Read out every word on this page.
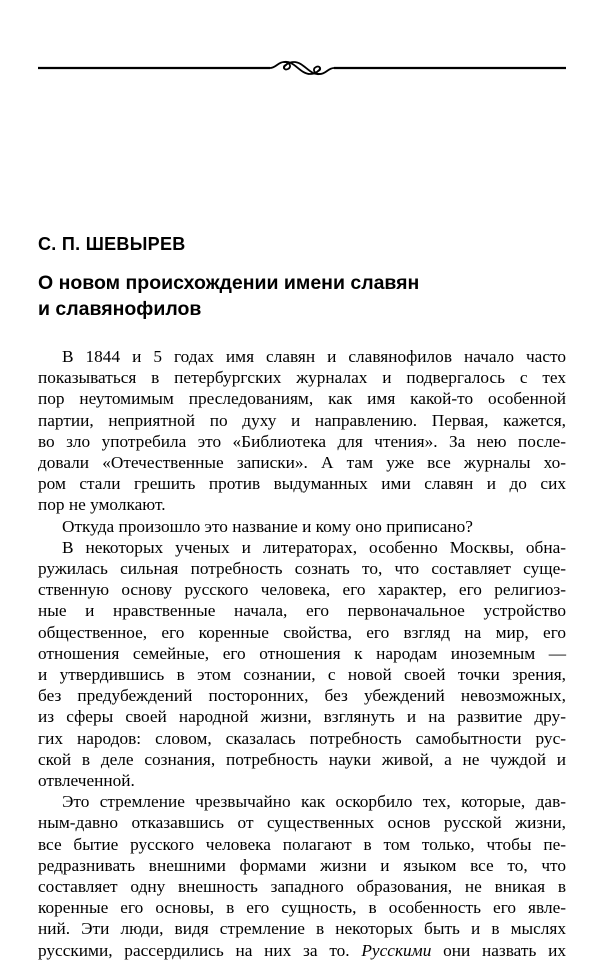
С. П. ШЕВЫРЕВ
О новом происхождении имени славян
и славянофилов
В 1844 и 5 годах имя славян и славянофилов начало часто
показываться в петербургских журналах и подвергалось с тех
пор неутомимым преследованиям, как имя какой-то особенной
партии, неприятной по духу и направлению. Первая, кажется,
во зло употребила это «Библиотека для чтения». За нею после-
довали «Отечественные записки». А там уже все журналы хо-
ром стали грешить против выдуманных ими славян и до сих
пор не умолкают.
Откуда произошло это название и кому оно приписано?
В некоторых ученых и литераторах, особенно Москвы, обна-
ружилась сильная потребность сознать то, что составляет суще-
ственную основу русского человека, его характер, его религиоз-
ные и нравственные начала, его первоначальное устройство
общественное, его коренные свойства, его взгляд на мир, его
отношения семейные, его отношения к народам иноземным —
и утвердившись в этом сознании, с новой своей точки зрения,
без предубеждений посторонних, без убеждений невозможных,
из сферы своей народной жизни, взглянуть и на развитие дру-
гих народов: словом, сказалась потребность самобытности рус-
ской в деле сознания, потребность науки живой, а не чуждой и
отвлеченной.
Это стремление чрезвычайно как оскорбило тех, которые, дав-
ным-давно отказавшись от существенных основ русской жизни,
все бытие русского человека полагают в том только, чтобы пе-
редразнивать внешними формами жизни и языком все то, что
составляет одну внешность западного образования, не вникая в
коренные его основы, в его сущность, в особенность его явле-
ний. Эти люди, видя стремление в некоторых быть и в мыслях
русскими, рассердились на них за то. Русскими они назвать их
